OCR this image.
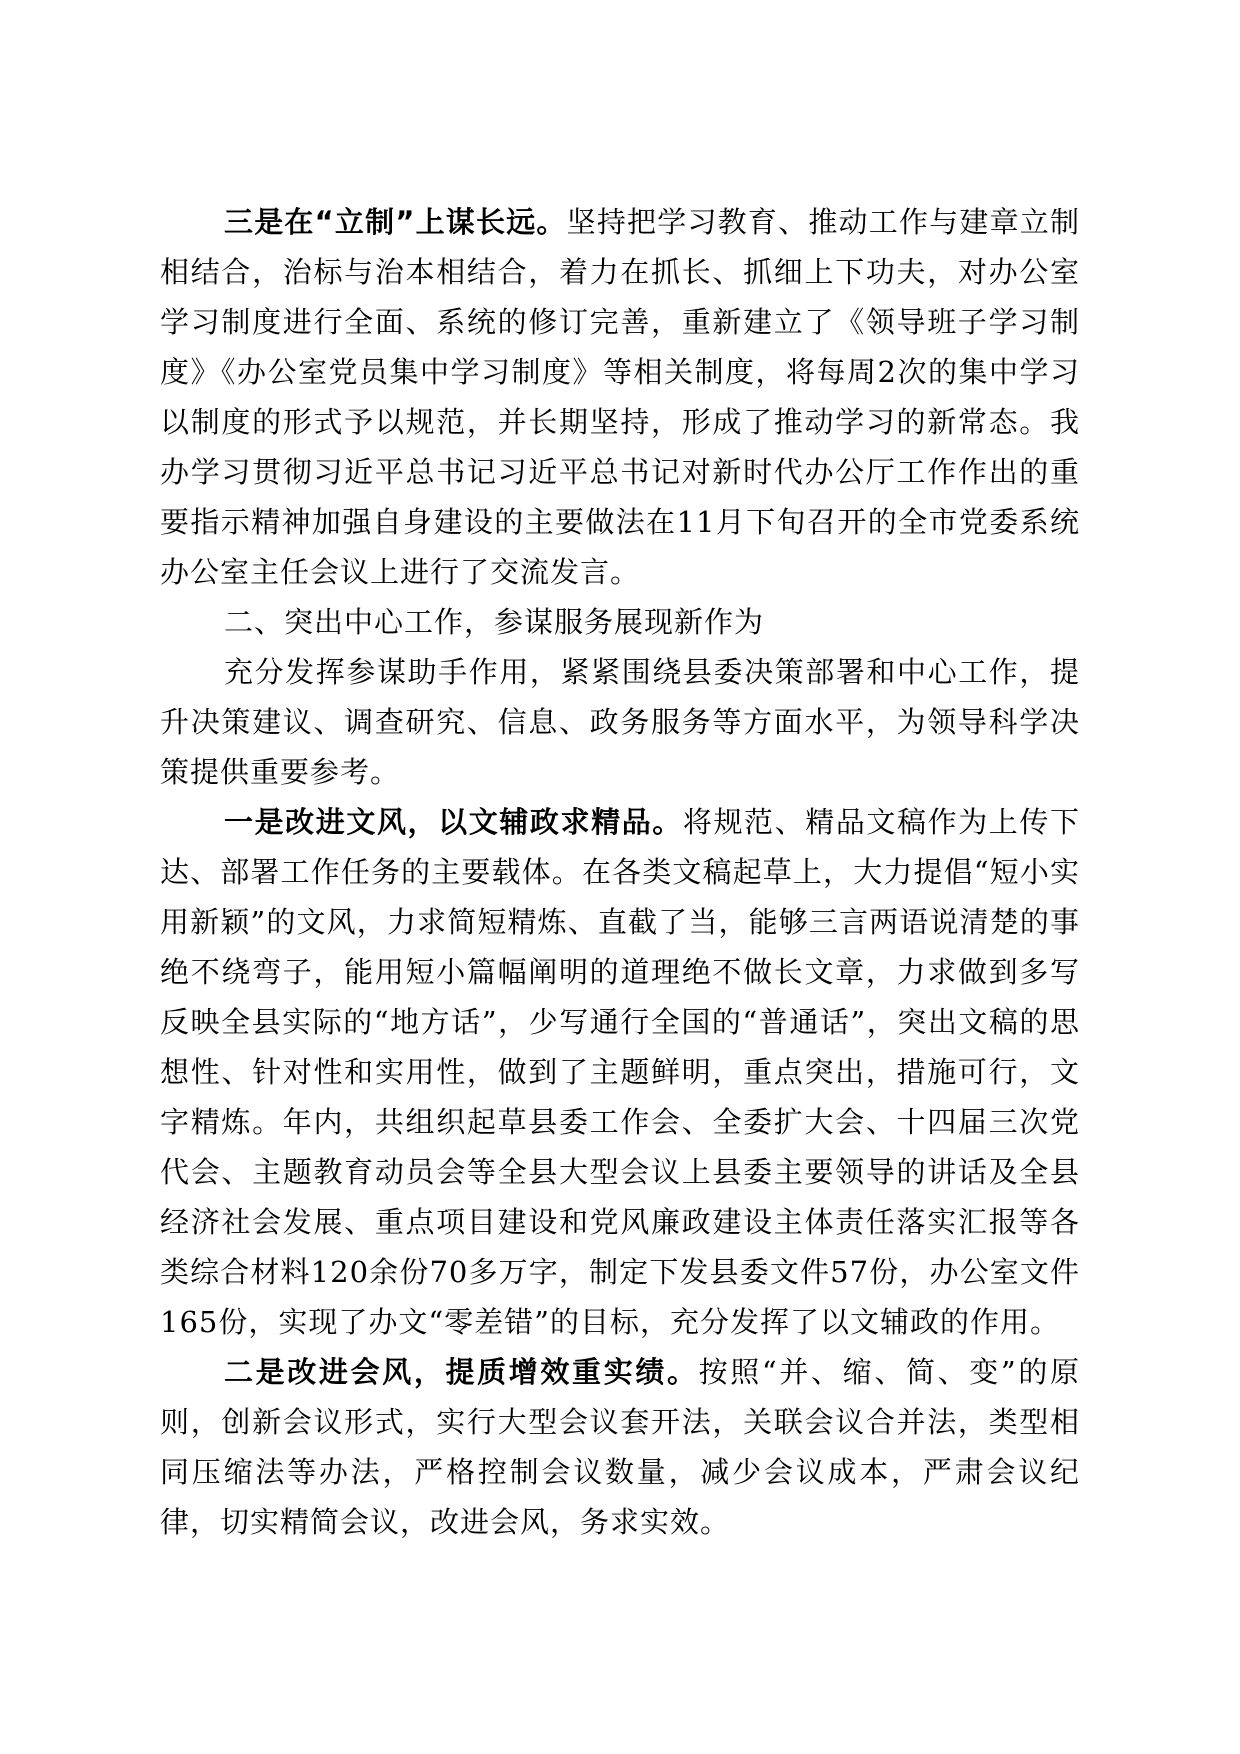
三是在“立制”上谋长远。坚持把学习教育、推动工作与建章立制相结合，治标与治本相结合，着力在抓长、抓细上下功夫，对办公室学习制度进行全面、系统的修订完善，重新建立了《领导班子学习制度》《办公室党员集中学习制度》等相关制度，将每周2次的集中学习以制度的形式予以规范，并长期坚持，形成了推动学习的新常态。我办学习贯彻习近平总书记习近平总书记对新时代办公厅工作作出的重要指示精神加强自身建设的主要做法在11月下旬召开的全市党委系统办公室主任会议上进行了交流发言。

二、突出中心工作，参谋服务展现新作为

充分发挥参谋助手作用，紧紧围绕县委决策部署和中心工作，提升决策建议、调查研究、信息、政务服务等方面水平，为领导科学决策提供重要参考。

一是改进文风，以文辅政求精品。将规范、精品文稿作为上传下达、部署工作任务的主要载体。在各类文稿起草上，大力提倡“短小实用新颖”的文风，力求简短精炼、直截了当，能够三言两语说清楚的事绝不绕弯子，能用短小篇幅阐明的道理绝不做长文章，力求做到多写反映全县实际的“地方话”，少写通行全国的“普通话”，突出文稿的思想性、针对性和实用性，做到了主题鲜明，重点突出，措施可行，文字精炼。年内，共组织起草县委工作会、全委扩大会、十四届三次党代会、主题教育动员会等全县大型会议上县委主要领导的讲话及全县经济社会发展、重点项目建设和党风廉政建设主体责任落实汇报等各类综合材料120余份70多万字，制定下发县委文件57份，办公室文件165份，实现了办文“零差错”的目标，充分发挥了以文辅政的作用。

二是改进会风，提质增效重实绩。按照“并、缩、简、变”的原则，创新会议形式，实行大型会议套开法，关联会议合并法，类型相同压缩法等办法，严格控制会议数量，减少会议成本，严肃会议纪律，切实精简会议，改进会风，务求实效。
